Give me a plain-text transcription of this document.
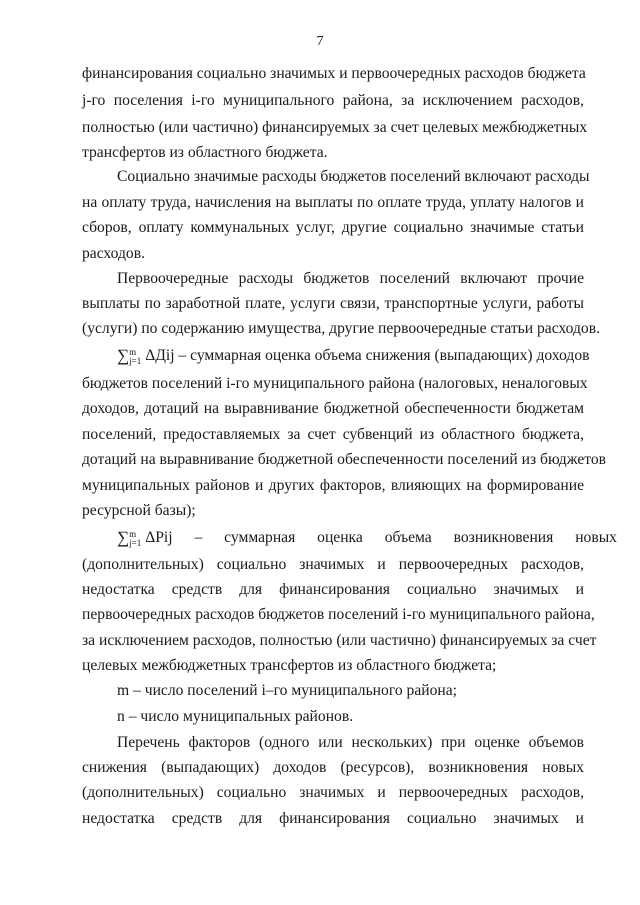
7
финансирования социально значимых и первоочередных расходов бюджета
j-го поселения i-го муниципального района, за исключением расходов,
полностью (или частично) финансируемых за счет целевых межбюджетных
трансфертов из областного бюджета.
Социально значимые расходы бюджетов поселений включают расходы
на оплату труда, начисления на выплаты по оплате труда, уплату налогов и
сборов, оплату коммунальных услуг, другие социально значимые статьи
расходов.
Первоочередные расходы бюджетов поселений включают прочие
выплаты по заработной плате, услуги связи, транспортные услуги, работы
(услуги) по содержанию имущества, другие первоочередные статьи расходов.
∑ m
j=1 ΔДij – суммарная оценка объема снижения (выпадающих) доходов
бюджетов поселений i-го муниципального района (налоговых, неналоговых
доходов, дотаций на выравнивание бюджетной обеспеченности бюджетам
поселений, предоставляемых за счет субвенций из областного бюджета,
дотаций на выравнивание бюджетной обеспеченности поселений из бюджетов
муниципальных районов и других факторов, влияющих на формирование
ресурсной базы);
∑ m
j=1 ΔPij – суммарная оценка объема возникновения новых
(дополнительных) социально значимых и первоочередных расходов,
недостатка средств для финансирования социально значимых и
первоочередных расходов бюджетов поселений i-го муниципального района,
за исключением расходов, полностью (или частично) финансируемых за счет
целевых межбюджетных трансфертов из областного бюджета;
m – число поселений i–го муниципального района;
n – число муниципальных районов.
Перечень факторов (одного или нескольких) при оценке объемов
снижения (выпадающих) доходов (ресурсов), возникновения новых
(дополнительных) социально значимых и первоочередных расходов,
недостатка средств для финансирования социально значимых и
